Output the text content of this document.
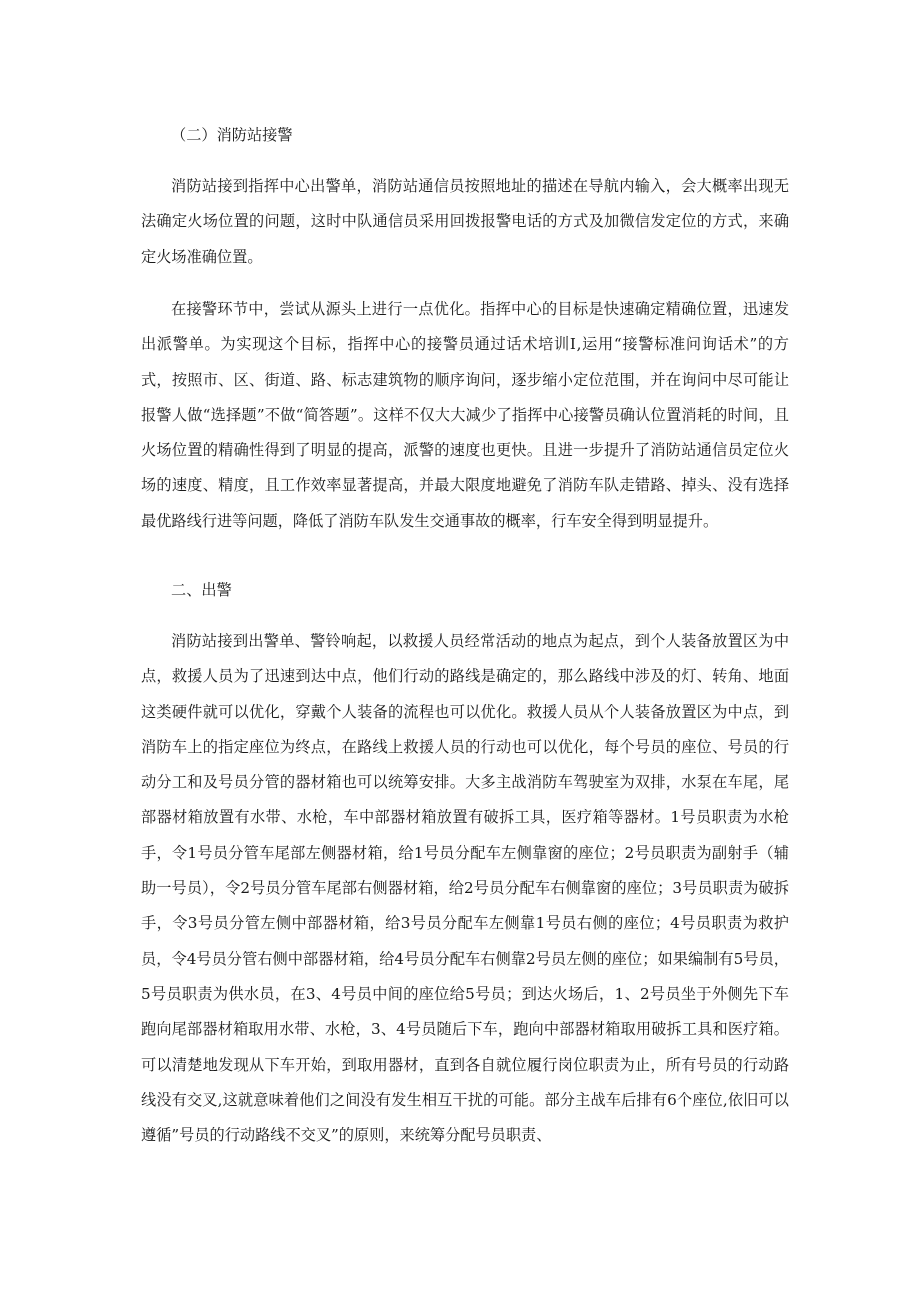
（二）消防站接警

消防站接到指挥中心出警单，消防站通信员按照地址的描述在导航内输入，会大概率出现无法确定火场位置的问题，这时中队通信员采用回拨报警电话的方式及加微信发定位的方式，来确定火场准确位置。

在接警环节中，尝试从源头上进行一点优化。指挥中心的目标是快速确定精确位置，迅速发出派警单。为实现这个目标，指挥中心的接警员通过话术培训Ⅰ,运用“接警标准问询话术”的方式，按照市、区、街道、路、标志建筑物的顺序询问，逐步缩小定位范围，并在询问中尽可能让报警人做“选择题”不做“简答题”。这样不仅大大减少了指挥中心接警员确认位置消耗的时间，且火场位置的精确性得到了明显的提高，派警的速度也更快。且进一步提升了消防站通信员定位火场的速度、精度，且工作效率显著提高，并最大限度地避免了消防车队走错路、掉头、没有选择最优路线行进等问题，降低了消防车队发生交通事故的概率，行车安全得到明显提升。

二、出警

消防站接到出警单、警铃响起，以救援人员经常活动的地点为起点，到个人装备放置区为中点，救援人员为了迅速到达中点，他们行动的路线是确定的，那么路线中涉及的灯、转角、地面这类硬件就可以优化，穿戴个人装备的流程也可以优化。救援人员从个人装备放置区为中点，到消防车上的指定座位为终点，在路线上救援人员的行动也可以优化，每个号员的座位、号员的行动分工和及号员分管的器材箱也可以统筹安排。大多主战消防车驾驶室为双排，水泵在车尾，尾部器材箱放置有水带、水枪，车中部器材箱放置有破拆工具，医疗箱等器材。1号员职责为水枪手，令1号员分管车尾部左侧器材箱，给1号员分配车左侧靠窗的座位；2号员职责为副射手（辅助一号员），令2号员分管车尾部右侧器材箱，给2号员分配车右侧靠窗的座位；3号员职责为破拆手，令3号员分管左侧中部器材箱，给3号员分配车左侧靠1号员右侧的座位；4号员职责为救护员，令4号员分管右侧中部器材箱，给4号员分配车右侧靠2号员左侧的座位；如果编制有5号员，5号员职责为供水员，在3、4号员中间的座位给5号员；到达火场后，1、2号员坐于外侧先下车跑向尾部器材箱取用水带、水枪，3、4号员随后下车，跑向中部器材箱取用破拆工具和医疗箱。可以清楚地发现从下车开始，到取用器材，直到各自就位履行岗位职责为止，所有号员的行动路线没有交叉,这就意味着他们之间没有发生相互干扰的可能。部分主战车后排有6个座位,依旧可以遵循”号员的行动路线不交叉”的原则，来统筹分配号员职责、
